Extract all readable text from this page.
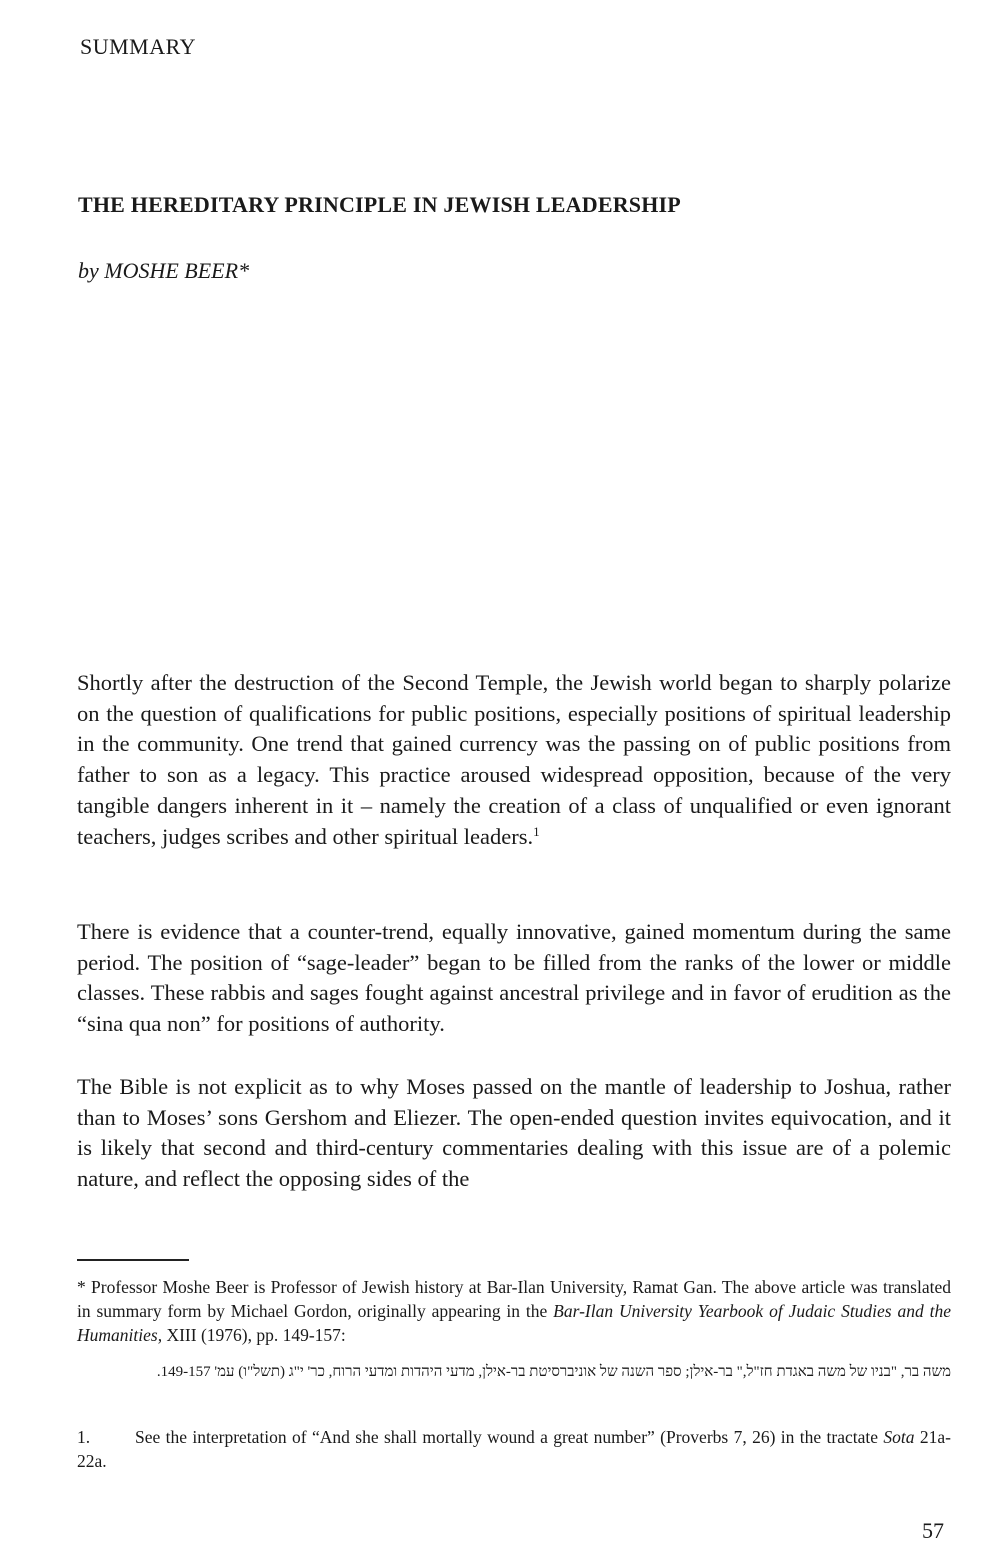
SUMMARY
THE HEREDITARY PRINCIPLE IN JEWISH LEADERSHIP
by MOSHE BEER*

Shortly after the destruction of the Second Temple, the Jewish world began to sharply polarize on the question of qualifications for public positions, especially positions of spiritual leadership in the community. One trend that gained currency was the passing on of public positions from father to son as a legacy. This practice aroused widespread opposition, because of the very tangible dangers inherent in it – namely the creation of a class of unqualified or even ignorant teachers, judges scribes and other spiritual leaders.$^1$

There is evidence that a counter-trend, equally innovative, gained momentum during the same period. The position of “sage-leader” began to be filled from the ranks of the lower or middle classes. These rabbis and sages fought against ancestral privilege and in favor of erudition as the “sina qua non” for positions of authority.

The Bible is not explicit as to why Moses passed on the mantle of leadership to Joshua, rather than to Moses’ sons Gershom and Eliezer. The open-ended question invites equivocation, and it is likely that second and third-century commentaries dealing with this issue are of a polemic nature, and reflect the opposing sides of the

* Professor Moshe Beer is Professor of Jewish history at Bar-Ilan University, Ramat Gan. The above article was translated in summary form by Michael Gordon, originally appearing in the Bar-Ilan University Yearbook of Judaic Studies and the Humanities, XIII (1976), pp. 149-157:

משה בר, "בניו של משה באגדת חז"ל," בר-אילן; ספר השנה של אוניברסיטת בר-אילן, מדעי היהדות ומדעי הרוח, כר' י"ג (תשל"ו) עמ' 149-157.

1.	See the interpretation of “And she shall mortally wound a great number” (Proverbs 7, 26) in the tractate Sota 21a-22a.

57
